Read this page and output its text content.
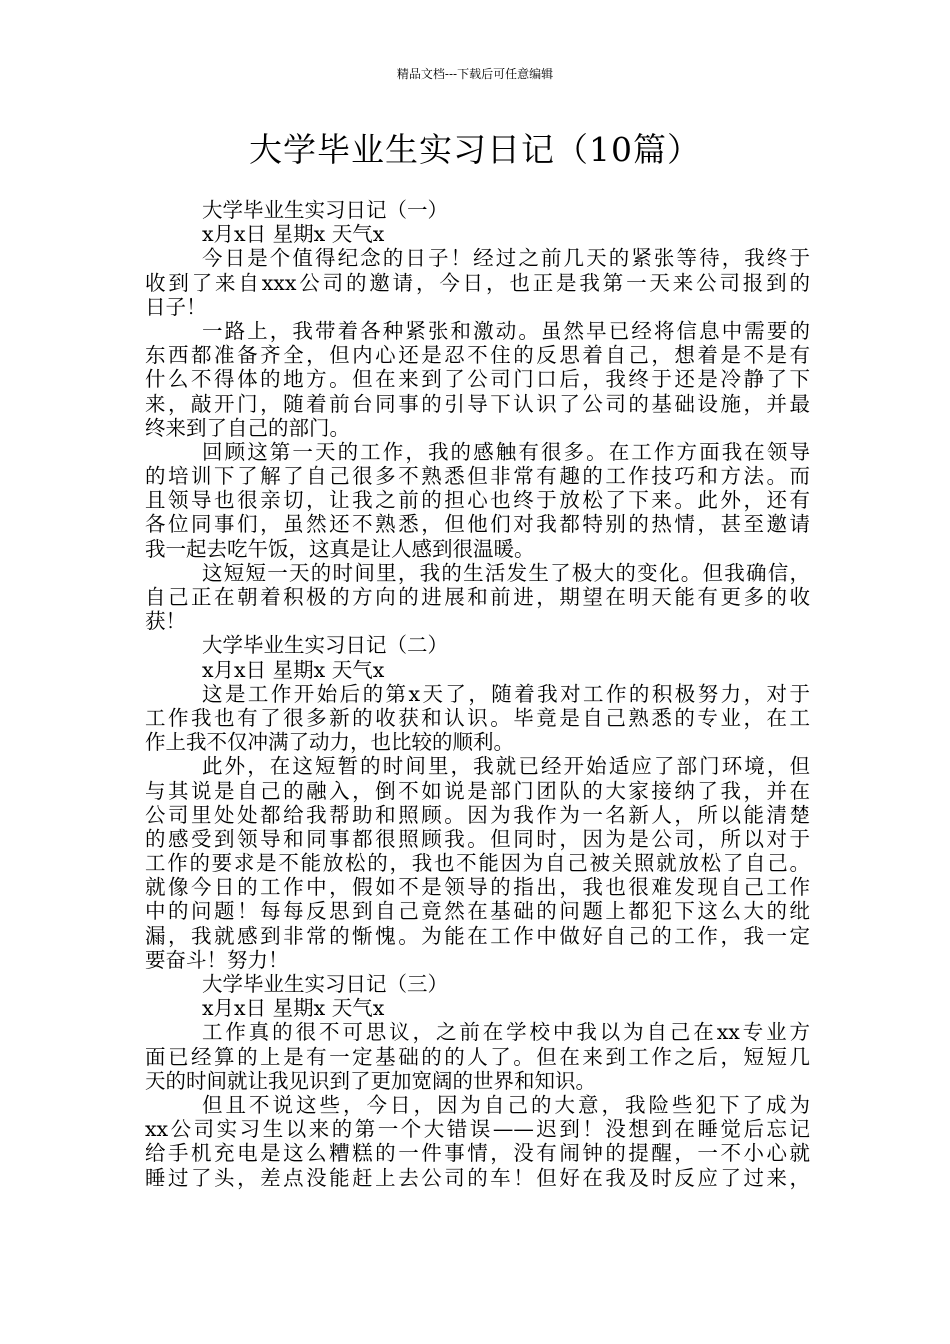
精品文档---下载后可任意编辑
大学毕业生实习日记（10篇）
大学毕业生实习日记（一）
x月x日 星期x 天气x
今日是个值得纪念的日子！经过之前几天的紧张等待，我终于
收到了来自xxx公司的邀请，今日，也正是我第一天来公司报到的
日子！
一路上，我带着各种紧张和激动。虽然早已经将信息中需要的
东西都准备齐全，但内心还是忍不住的反思着自己，想着是不是有
什么不得体的地方。但在来到了公司门口后，我终于还是冷静了下
来，敲开门，随着前台同事的引导下认识了公司的基础设施，并最
终来到了自己的部门。
回顾这第一天的工作，我的感触有很多。在工作方面我在领导
的培训下了解了自己很多不熟悉但非常有趣的工作技巧和方法。而
且领导也很亲切，让我之前的担心也终于放松了下来。此外，还有
各位同事们，虽然还不熟悉，但他们对我都特别的热情，甚至邀请
我一起去吃午饭，这真是让人感到很温暖。
这短短一天的时间里，我的生活发生了极大的变化。但我确信，
自己正在朝着积极的方向的进展和前进，期望在明天能有更多的收
获！
大学毕业生实习日记（二）
x月x日 星期x 天气x
这是工作开始后的第x天了，随着我对工作的积极努力，对于
工作我也有了很多新的收获和认识。毕竟是自己熟悉的专业，在工
作上我不仅冲满了动力，也比较的顺利。
此外，在这短暂的时间里，我就已经开始适应了部门环境，但
与其说是自己的融入，倒不如说是部门团队的大家接纳了我，并在
公司里处处都给我帮助和照顾。因为我作为一名新人，所以能清楚
的感受到领导和同事都很照顾我。但同时，因为是公司，所以对于
工作的要求是不能放松的，我也不能因为自己被关照就放松了自己。
就像今日的工作中，假如不是领导的指出，我也很难发现自己工作
中的问题！每每反思到自己竟然在基础的问题上都犯下这么大的纰
漏，我就感到非常的惭愧。为能在工作中做好自己的工作，我一定
要奋斗！努力！
大学毕业生实习日记（三）
x月x日 星期x 天气x
工作真的很不可思议，之前在学校中我以为自己在xx专业方
面已经算的上是有一定基础的的人了。但在来到工作之后，短短几
天的时间就让我见识到了更加宽阔的世界和知识。
但且不说这些，今日，因为自己的大意，我险些犯下了成为
xx公司实习生以来的第一个大错误——迟到！没想到在睡觉后忘记
给手机充电是这么糟糕的一件事情，没有闹钟的提醒，一不小心就
睡过了头，差点没能赶上去公司的车！但好在我及时反应了过来，
